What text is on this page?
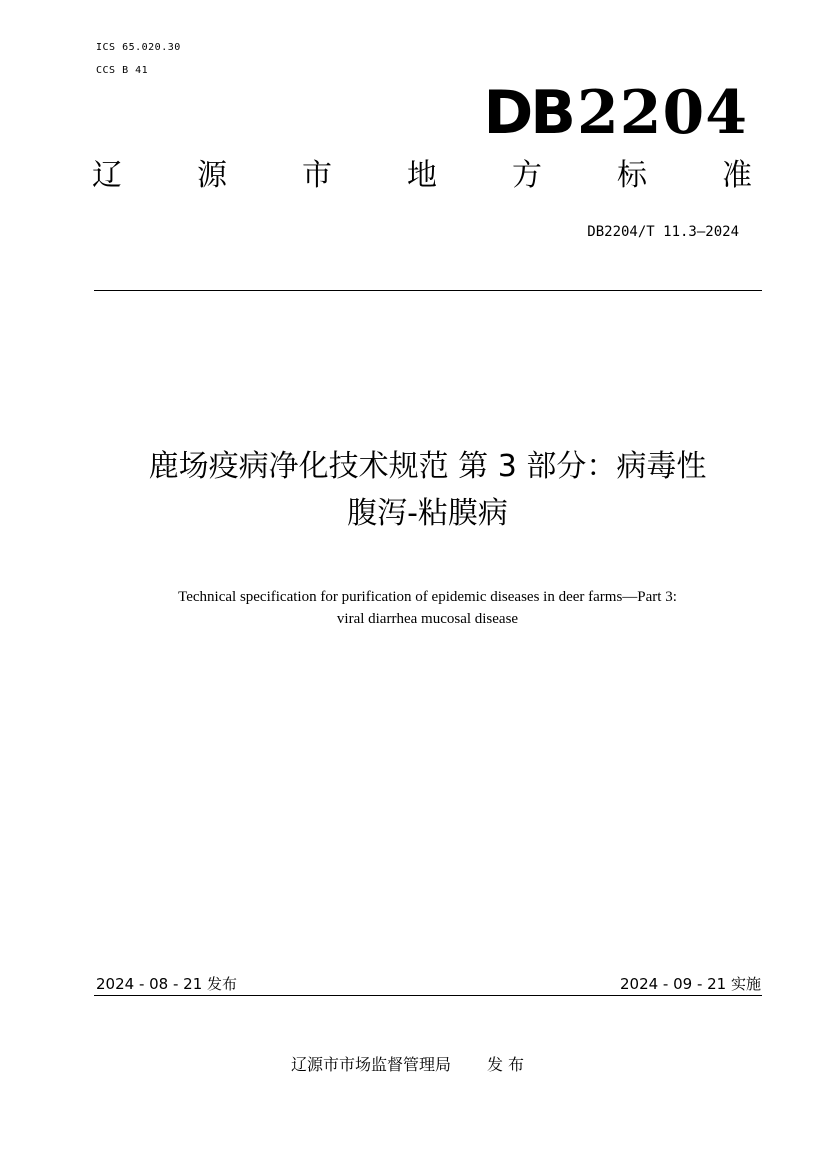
ICS 65.020.30
CCS B 41
DB2204
辽	源	市	地	方	标	准
DB2204/T 11.3—2024
鹿场疫病净化技术规范 第 3 部分：病毒性
腹泻-粘膜病
Technical specification for purification of epidemic diseases in deer farms—Part 3:
viral diarrhea mucosal disease
2024 - 08 - 21 发布	2024 - 09 - 21 实施
辽源市市场监督管理局 发 布
